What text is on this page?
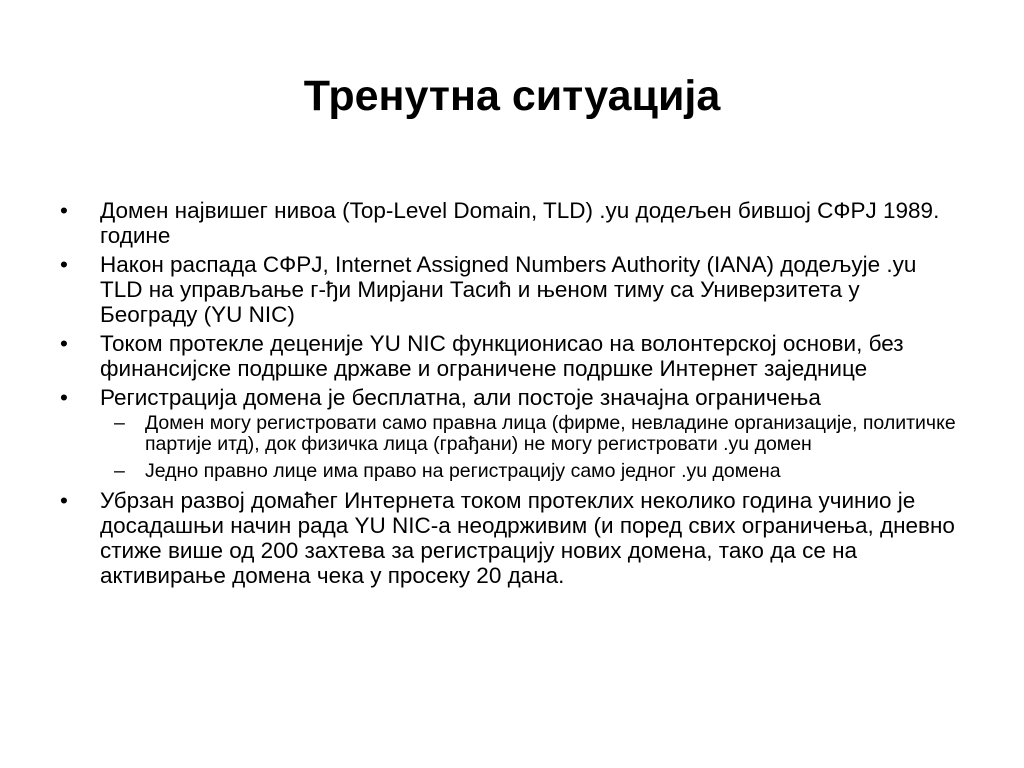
Тренутна ситуација
• Домен највишег нивоа (Top-Level Domain, TLD) .yu додељен бившој СФРЈ 1989. године
• Након распада СФРЈ, Internet Assigned Numbers Authority (IANA) додељује .yu TLD на управљање г-ђи Мирјани Тасић и њеном тиму са Универзитета у Београду (YU NIC)
• Током протекле деценије YU NIC функционисао на волонтерској основи, без финансијске подршке државе и ограничене подршке Интернет заједнице
• Регистрација домена је бесплатна, али постоје значајна ограничења
– Домен могу регистровати само правна лица (фирме, невладине организације, политичке партије итд), док физичка лица (грађани) не могу регистровати .yu домен
– Једно правно лице има право на регистрацију само једног .yu домена
• Убрзан развој домаћег Интернета током протеклих неколико година учинио је досадашњи начин рада YU NIC-а неодрживим (и поред свих ограничења, дневно стиже више од 200 захтева за регистрацију нових домена, тако да се на активирање домена чека у просеку 20 дана.
